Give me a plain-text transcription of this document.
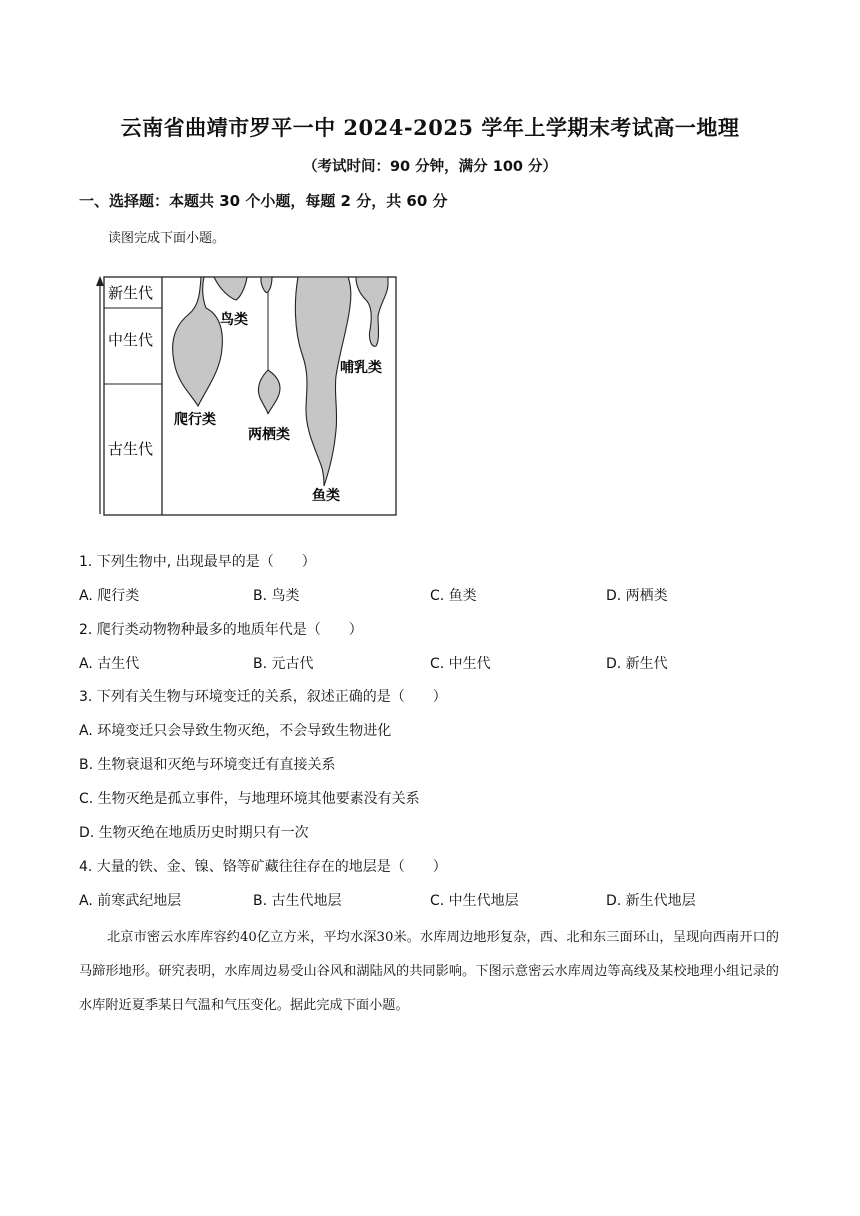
云南省曲靖市罗平一中 2024-2025 学年上学期末考试高一地理
（考试时间：90 分钟，满分 100 分）
一、选择题：本题共 30 个小题，每题 2 分，共 60 分
读图完成下面小题。
新生代
中生代
古生代
鸟类
哺乳类
爬行类
两栖类
鱼类
1. 下列生物中, 出现最早的是（　　）
A. 爬行类	B. 鸟类	C. 鱼类	D. 两栖类
2. 爬行类动物物种最多的地质年代是（　　）
A. 古生代	B. 元古代	C. 中生代	D. 新生代
3. 下列有关生物与环境变迁的关系，叙述正确的是（　　）
A. 环境变迁只会导致生物灭绝，不会导致生物进化
B. 生物衰退和灭绝与环境变迁有直接关系
C. 生物灭绝是孤立事件，与地理环境其他要素没有关系
D. 生物灭绝在地质历史时期只有一次
4. 大量的铁、金、镍、铬等矿藏往往存在的地层是（　　）
A. 前寒武纪地层	B. 古生代地层	C. 中生代地层	D. 新生代地层
北京市密云水库库容约40亿立方米，平均水深30米。水库周边地形复杂，西、北和东三面环山，呈现向西南开口的马蹄形地形。研究表明，水库周边易受山谷风和湖陆风的共同影响。下图示意密云水库周边等高线及某校地理小组记录的水库附近夏季某日气温和气压变化。据此完成下面小题。
